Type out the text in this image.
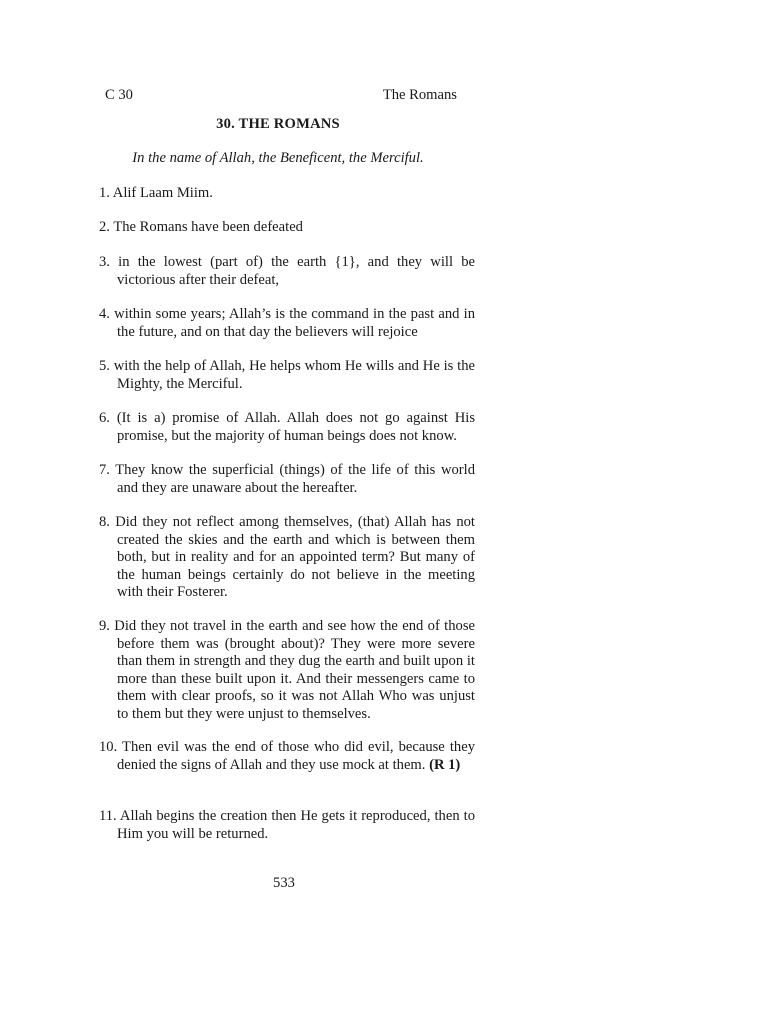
C 30	The Romans
30. THE ROMANS
In the name of Allah, the Beneficent, the Merciful.

1. Alif Laam Miim.

2. The Romans have been defeated

3. in the lowest (part of) the earth {1}, and they will be victorious after their defeat,

4. within some years; Allah’s is the command in the past and in the future, and on that day the believers will rejoice

5. with the help of Allah, He helps whom He wills and He is the Mighty, the Merciful.

6. (It is a) promise of Allah. Allah does not go against His promise, but the majority of human beings does not know.

7. They know the superficial (things) of the life of this world and they are unaware about the hereafter.

8. Did they not reflect among themselves, (that) Allah has not created the skies and the earth and which is between them both, but in reality and for an appointed term? But many of the human beings certainly do not believe in the meeting with their Fosterer.

9. Did they not travel in the earth and see how the end of those before them was (brought about)? They were more severe than them in strength and they dug the earth and built upon it more than these built upon it. And their messengers came to them with clear proofs, so it was not Allah Who was unjust to them but they were unjust to themselves.

10. Then evil was the end of those who did evil, because they denied the signs of Allah and they use mock at them. (R 1)

11. Allah begins the creation then He gets it reproduced, then to Him you will be returned.

533
